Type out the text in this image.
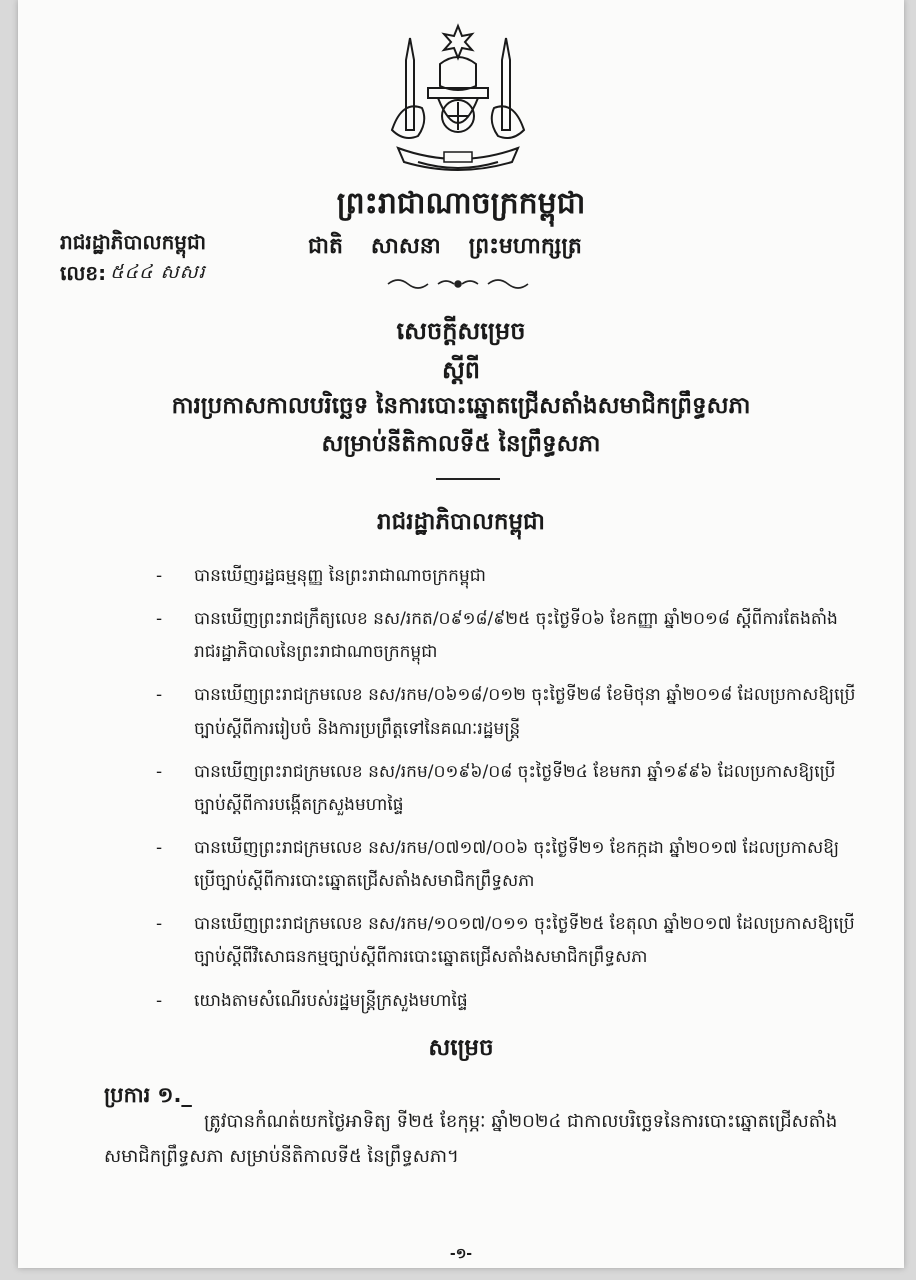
ព្រះរាជាណាចក្រកម្ពុជា
ជាតិ សាសនា ព្រះមហាក្សត្រ
រាជរដ្ឋាភិបាលកម្ពុជា
លេខ: ៥៤៤ សសរ
សេចក្ដីសម្រេច
ស្ដីពី
ការប្រកាសកាលបរិច្ឆេទ នៃការបោះឆ្នោតជ្រើសតាំងសមាជិកព្រឹទ្ធសភា
សម្រាប់នីតិកាលទី៥ នៃព្រឹទ្ធសភា
រាជរដ្ឋាភិបាលកម្ពុជា
- បានឃើញរដ្ឋធម្មនុញ្ញ នៃព្រះរាជាណាចក្រកម្ពុជា
- បានឃើញព្រះរាជក្រឹត្យលេខ នស/រកត/០៩១៨/៩២៥ ចុះថ្ងៃទី០៦ ខែកញ្ញា ឆ្នាំ២០១៨ ស្ដីពីការតែងតាំងរាជរដ្ឋាភិបាលនៃព្រះរាជាណាចក្រកម្ពុជា
- បានឃើញព្រះរាជក្រមលេខ នស/រកម/០៦១៨/០១២ ចុះថ្ងៃទី២៨ ខែមិថុនា ឆ្នាំ២០១៨ ដែលប្រកាសឱ្យប្រើច្បាប់ស្ដីពីការរៀបចំ និងការប្រព្រឹត្តទៅនៃគណៈរដ្ឋមន្ត្រី
- បានឃើញព្រះរាជក្រមលេខ នស/រកម/០១៩៦/០៨ ចុះថ្ងៃទី២៤ ខែមករា ឆ្នាំ១៩៩៦ ដែលប្រកាសឱ្យប្រើច្បាប់ស្ដីពីការបង្កើតក្រសួងមហាផ្ទៃ
- បានឃើញព្រះរាជក្រមលេខ នស/រកម/០៧១៧/០០៦ ចុះថ្ងៃទី២១ ខែកក្កដា ឆ្នាំ២០១៧ ដែលប្រកាសឱ្យប្រើច្បាប់ស្ដីពីការបោះឆ្នោតជ្រើសតាំងសមាជិកព្រឹទ្ធសភា
- បានឃើញព្រះរាជក្រមលេខ នស/រកម/១០១៧/០១១ ចុះថ្ងៃទី២៥ ខែតុលា ឆ្នាំ២០១៧ ដែលប្រកាសឱ្យប្រើច្បាប់ស្ដីពីវិសោធនកម្មច្បាប់ស្ដីពីការបោះឆ្នោតជ្រើសតាំងសមាជិកព្រឹទ្ធសភា
- យោងតាមសំណើរបស់រដ្ឋមន្ត្រីក្រសួងមហាផ្ទៃ
សម្រេច
ប្រការ ១._
ត្រូវបានកំណត់យកថ្ងៃអាទិត្យ ទី២៥ ខែកុម្ភៈ ឆ្នាំ២០២៤ ជាកាលបរិច្ឆេទនៃការបោះឆ្នោតជ្រើសតាំងសមាជិកព្រឹទ្ធសភា សម្រាប់នីតិកាលទី៥ នៃព្រឹទ្ធសភា។
-១-
